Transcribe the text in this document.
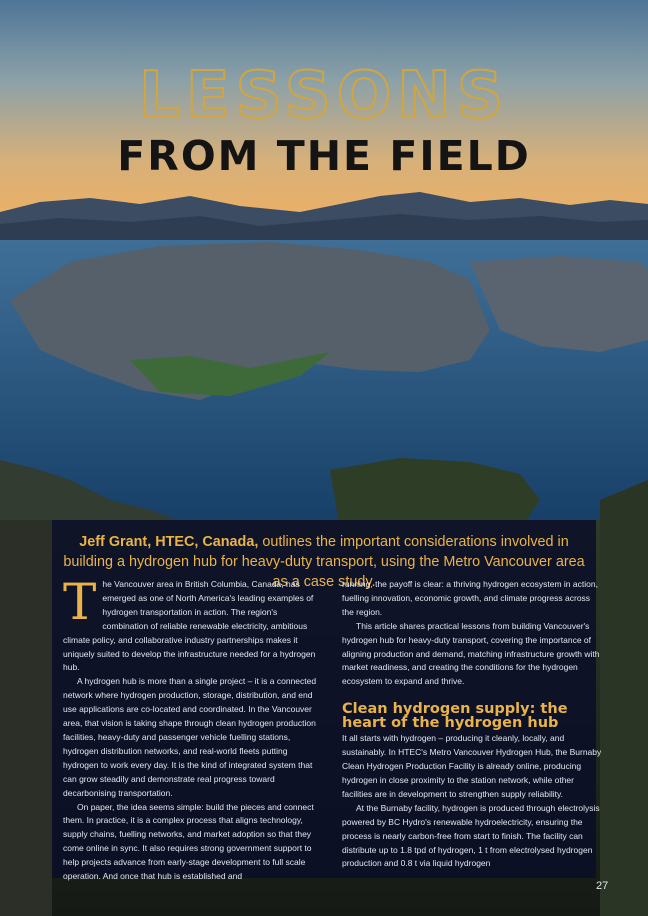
LESSONS
FROM THE FIELD
Jeff Grant, HTEC, Canada, outlines the important considerations involved in building a hydrogen hub for heavy-duty transport, using the Metro Vancouver area as a case study.

The Vancouver area in British Columbia, Canada, has emerged as one of North America's leading examples of hydrogen transportation in action. The region's combination of reliable renewable electricity, ambitious climate policy, and collaborative industry partnerships makes it uniquely suited to develop the infrastructure needed for a hydrogen hub.

A hydrogen hub is more than a single project – it is a connected network where hydrogen production, storage, distribution, and end use applications are co-located and coordinated. In the Vancouver area, that vision is taking shape through clean hydrogen production facilities, heavy-duty and passenger vehicle fuelling stations, hydrogen distribution networks, and real-world fleets putting hydrogen to work every day. It is the kind of integrated system that can grow steadily and demonstrate real progress toward decarbonising transportation.

On paper, the idea seems simple: build the pieces and connect them. In practice, it is a complex process that aligns technology, supply chains, fuelling networks, and market adoption so that they come online in sync. It also requires strong government support to help projects advance from early-stage development to full scale operation. And once that hub is established and

running, the payoff is clear: a thriving hydrogen ecosystem in action, fuelling innovation, economic growth, and climate progress across the region.

This article shares practical lessons from building Vancouver's hydrogen hub for heavy-duty transport, covering the importance of aligning production and demand, matching infrastructure growth with market readiness, and creating the conditions for the hydrogen ecosystem to expand and thrive.

Clean hydrogen supply: the heart of the hydrogen hub

It all starts with hydrogen – producing it cleanly, locally, and sustainably. In HTEC's Metro Vancouver Hydrogen Hub, the Burnaby Clean Hydrogen Production Facility is already online, producing hydrogen in close proximity to the station network, while other facilities are in development to strengthen supply reliability.

At the Burnaby facility, hydrogen is produced through electrolysis powered by BC Hydro's renewable hydroelectricity, ensuring the process is nearly carbon-free from start to finish. The facility can distribute up to 1.8 tpd of hydrogen, 1 t from electrolysed hydrogen production and 0.8 t via liquid hydrogen

27
